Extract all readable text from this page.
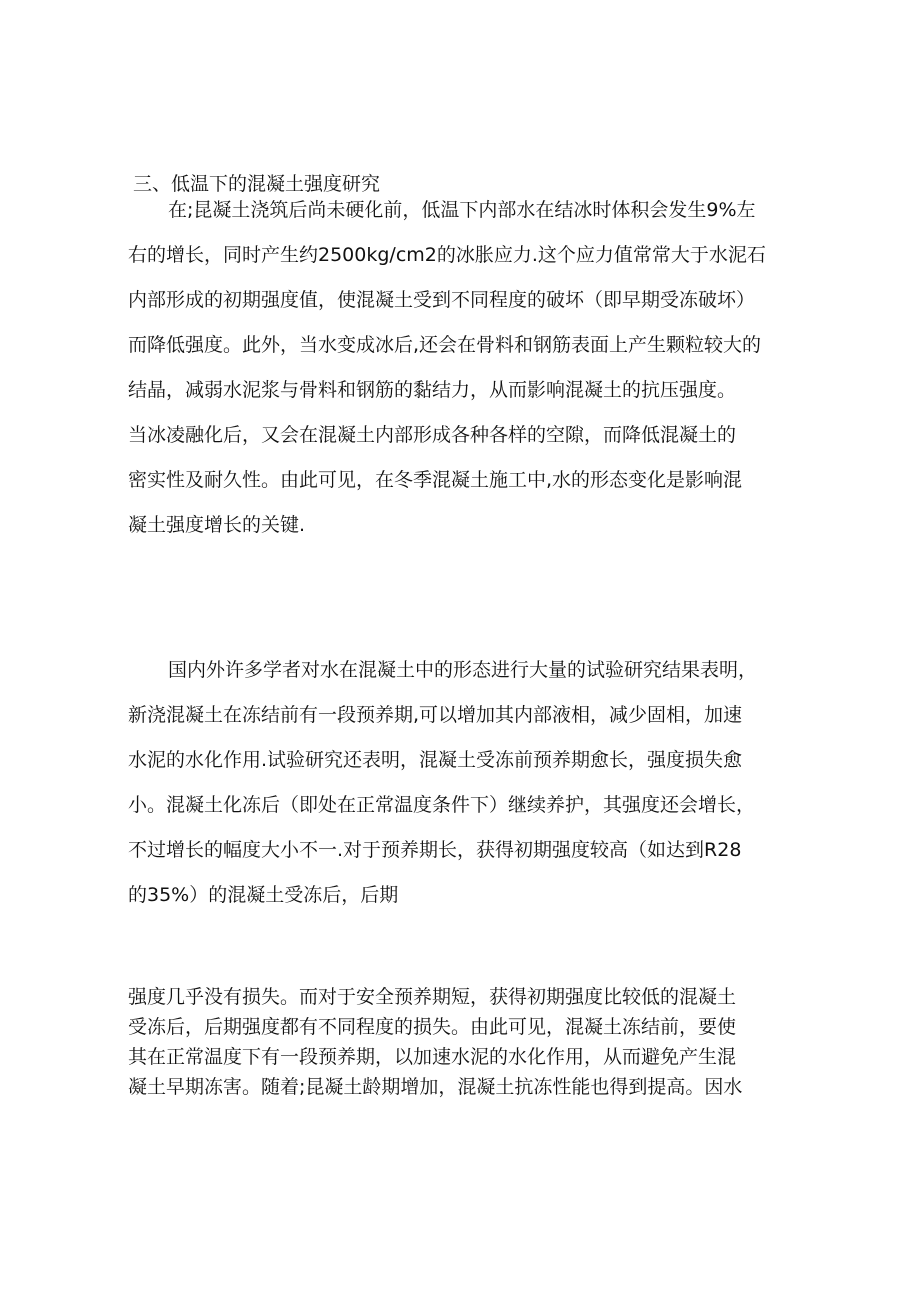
三、低温下的混凝土强度研究
在;昆凝土浇筑后尚未硬化前，低温下内部水在结冰时体积会发生9%左
右的增长，同时产生约2500kg∕cm2的冰胀应力.这个应力值常常大于水泥石
内部形成的初期强度值，使混凝土受到不同程度的破坏（即早期受冻破坏）
而降低强度。此外，当水变成冰后,还会在骨料和钢筋表面上产生颗粒较大的
结晶，减弱水泥浆与骨料和钢筋的黏结力，从而影响混凝土的抗压强度。
当冰凌融化后，又会在混凝土内部形成各种各样的空隙，而降低混凝土的
密实性及耐久性。由此可见，在冬季混凝土施工中,水的形态变化是影响混
凝土强度增长的关键.
国内外许多学者对水在混凝土中的形态进行大量的试验研究结果表明，
新浇混凝土在冻结前有一段预养期,可以增加其内部液相，减少固相，加速
水泥的水化作用.试验研究还表明，混凝土受冻前预养期愈长，强度损失愈
小。混凝土化冻后（即处在正常温度条件下）继续养护，其强度还会增长，
不过增长的幅度大小不一.对于预养期长，获得初期强度较高（如达到R28
的35%）的混凝土受冻后，后期
强度几乎没有损失。而对于安全预养期短，获得初期强度比较低的混凝土
受冻后，后期强度都有不同程度的损失。由此可见，混凝土冻结前，要使
其在正常温度下有一段预养期，以加速水泥的水化作用，从而避免产生混
凝土早期冻害。随着;昆凝土龄期增加，混凝土抗冻性能也得到提高。因水
